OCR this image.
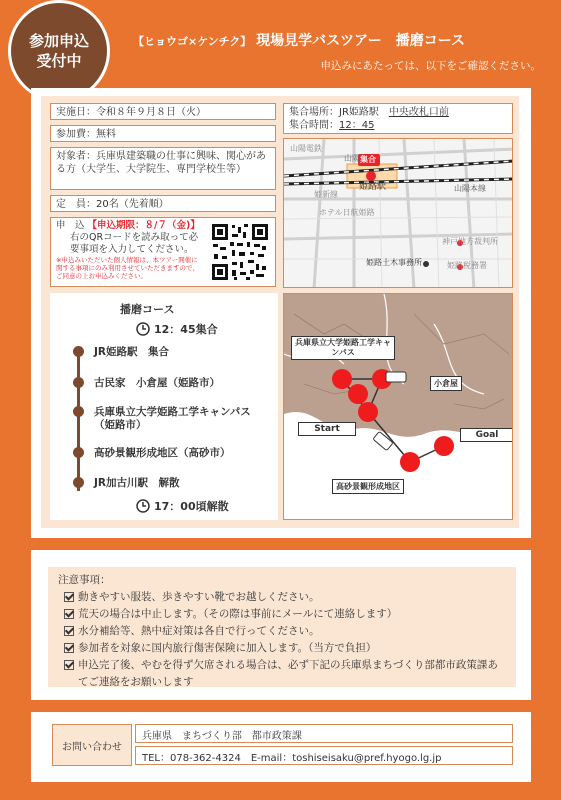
参加申込
受付中
【ヒョウゴ×ケンチク】 現場見学バスツアー　播磨コース
申込みにあたっては、以下をご確認ください。
実施日：令和８年９月８日（火）
参加費：無料
対象者：兵庫県建築職の仕事に興味、関心がある方（大学生、大学院生、専門学校生等）
定　員：20名（先着順）
申　込 【申込期限：８/７（金)】
右のQRコードを読み取って必要事項を入力してください。
※申込みいただいた個人情報は、本ツアー開催に関する事項にのみ利用させていただきますので、ご同意の上お申込みください。
集合場所：JR姫路駅　 中央改札口前
集合時間：12：45
山陽電鉄
山陽 集合
姫路駅	山陽本線
姫新線
ホテル日航姫路
神戸地方裁判所
姫路税務署
姫路土木事務所
播磨コース
12：45集合
JR姫路駅　集合
古民家　小倉屋（姫路市）
兵庫県立大学姫路工学キャンパス（姫路市）
高砂景観形成地区（高砂市）
JR加古川駅　解散
17：00頃解散
兵庫県立大学姫路工学キャンパス
小倉屋
Start
Goal
高砂景観形成地区
注意事項：
動きやすい服装、歩きやすい靴でお越しください。
荒天の場合は中止します。（その際は事前にメールにて連絡します）
水分補給等、熱中症対策は各自で行ってください。
参加者を対象に国内旅行傷害保険に加入します。（当方で負担）
申込完了後、やむを得ず欠席される場合は、必ず下記の兵庫県まちづくり部都市政策課あてご連絡をお願いします
お問い合わせ
兵庫県　まちづくり部　都市政策課
TEL：078-362-4324　E-mail：toshiseisaku@pref.hyogo.lg.jp
